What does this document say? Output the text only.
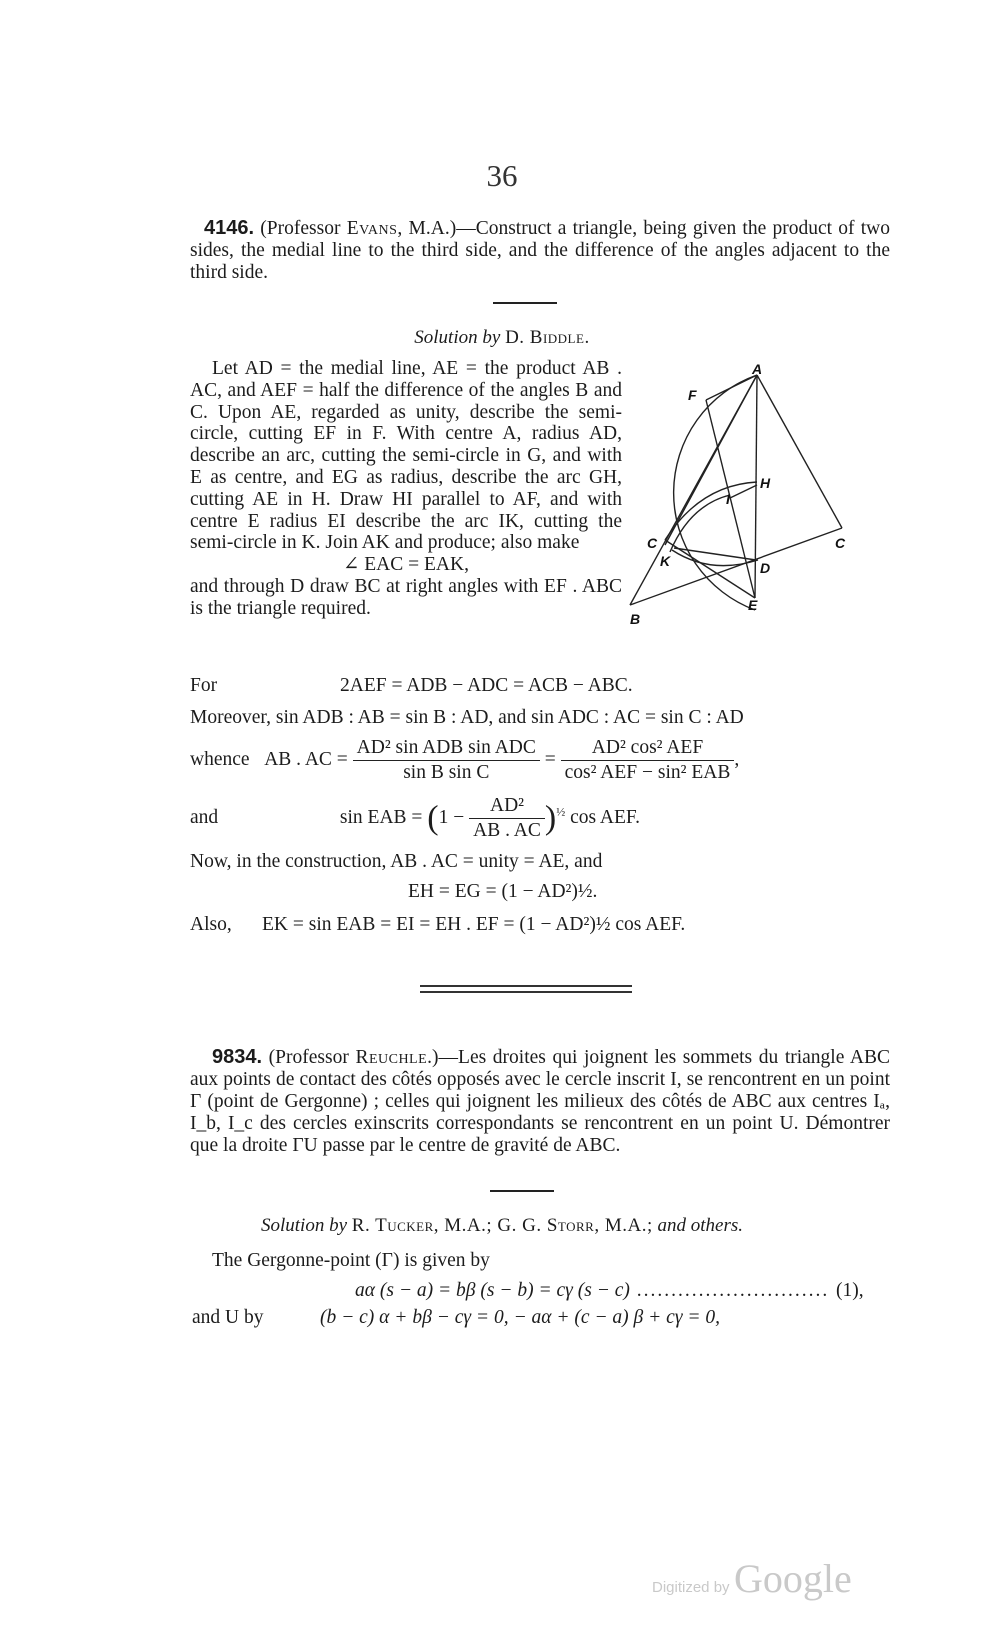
36
4146. (Professor Evans, M.A.)—Construct a triangle, being given the product of two sides, the medial line to the third side, and the difference of the angles adjacent to the third side.
Solution by D. Biddle.
Let AD = the medial line, AE = the product AB . AC, and AEF = half the difference of the angles B and C. Upon AE, regarded as unity, describe the semi-circle, cutting EF in F. With centre A, radius AD, describe an arc, cutting the semi-circle in G, and with E as centre, and EG as radius, describe the arc GH, cutting AE in H. Draw HI parallel to AF, and with centre E radius EI describe the arc IK, cutting the semi-circle in K. Join AK and produce; also make
∠ EAC = EAK,
and through D draw BC at right angles with EF . ABC is the triangle required.
A
F
H
I
C	C
K	D
E
B
For	2AEF = ADB − ADC = ACB − ABC.
Moreover, sin ADB : AB = sin B : AD, and sin ADC : AC = sin C : AD
whence AB . AC = $\frac{\text{AD² sin ADB sin ADC}}{\text{sin B sin C}} = \frac{\text{AD² cos² AEF}}{\text{cos² AEF − sin² EAB}}$ ,
and	sin EAB = $(1 - \frac{\text{AD²}}{AB . AC} )^{\frac{1}{2}}$ cos AEF.
Now, in the construction, AB . AC = unity = AE, and
EH = EG = (1 − AD²)½.
Also, EK = sin EAB = EI = EH . EF = (1 − AD²)½ cos AEF.
9834. (Professor Reuchle.)—Les droites qui joignent les sommets du triangle ABC aux points de contact des côtés opposés avec le cercle inscrit I, se rencontrent en un point Γ (point de Gergonne) ; celles qui joignent les milieux des côtés de ABC aux centres Iₐ, I_b, I_c des cercles exinscrits correspondants se rencontrent en un point U. Démontrer que la droite ΓU passe par le centre de gravité de ABC.
Solution by R. Tucker, M.A.; G. G. Storr, M.A.; and others.
The Gergonne-point (Γ) is given by
aα (s − a) = bβ (s − b) = cγ (s − c) ............................ (1),
and U by	(b − c) α + bβ − cγ = 0, − aα + (c − a) β + cγ = 0,
Digitized by Google
